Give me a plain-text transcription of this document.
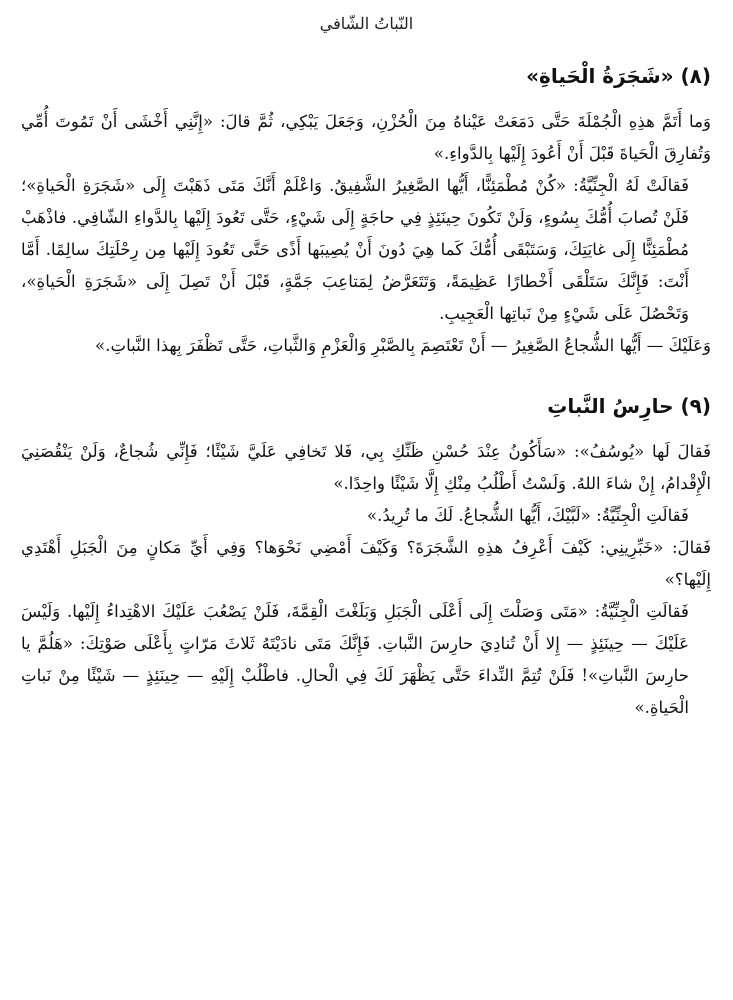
النّباتُ الشّافي
(٨) «شَجَرَةُ الْحَياةِ»

وَما أَتَمَّ هذِهِ الْجُمْلَةَ حَتَّى دَمَعَتْ عَيْناهُ مِنَ الْحُزْنِ، وَجَعَلَ يَبْكِي، ثُمَّ قالَ: «إِنَّنِي أَخْشَى أَنْ تَمُوتَ أُمِّي وَتُفارِقَ الْحَياةَ قَبْلَ أَنْ أَعُودَ إِلَيْها بِالدَّواءِ.»

فَقالَتْ لَهُ الْجِنِّيَّةُ: «كُنْ مُطْمَئِنًّا، أَيُّها الصَّغِيرُ الشَّفِيقُ. وَاعْلَمْ أَنَّكَ مَتَى ذَهَبْتَ إِلَى «شَجَرَةِ الْحَياةِ»؛ فَلَنْ تُصابَ أُمُّكَ بِسُوءٍ، وَلَنْ تَكُونَ حِينَئِذٍ فِي حاجَةٍ إِلَى شَيْءٍ، حَتَّى تَعُودَ إِلَيْها بِالدَّواءِ الشّافِي. فاذْهَبْ مُطْمَئِنًّا إِلَى غايَتِكَ، وَسَتَبْقَى أُمُّكَ كَما هِيَ دُونَ أَنْ يُصِيبَها أَذًى حَتَّى تَعُودَ إِلَيْها مِن رِحْلَتِكَ سالِمًا. أَمَّا أَنْتَ: فَإِنَّكَ سَتَلْقَى أَخْطارًا عَظِيمَةً، وَتَتَعَرَّضُ لِمَتاعِبَ جَمَّةٍ، قَبْلَ أَنْ تَصِلَ إِلَى «شَجَرَةِ الْحَياةِ»، وَتَحْصُلَ عَلَى شَيْءٍ مِنْ نَباتِها الْعَجِيبِ.

وَعَلَيْكَ — أَيُّها الشُّجاعُ الصَّغِيرُ — أَنْ تَعْتَصِمَ بِالصَّبْرِ وَالْعَزْمِ وَالثَّباتِ، حَتَّى تَظْفَرَ بِهذا النَّباتِ.»

(٩) حارِسُ النَّباتِ

فَقالَ لَها «يُوسُفُ»: «سَأَكُونُ عِنْدَ حُسْنِ ظَنِّكِ بِي، فَلا تَخافِي عَلَيَّ شَيْئًا؛ فَإِنِّي شُجاعٌ، وَلَنْ يَنْقُصَنِيَ الْإِقْدامُ، إِنْ شاءَ اللهُ. وَلَسْتُ أَطْلُبُ مِنْكِ إِلَّا شَيْئًا واحِدًا.»

فَقالَتِ الْجِنِّيَّةُ: «لَبَّيْكَ، أَيُّها الشُّجاعُ. لَكَ ما تُرِيدُ.»

فَقالَ: «خَبِّرِينِي: كَيْفَ أَعْرِفُ هذِهِ الشَّجَرَةَ؟ وَكَيْفَ أَمْضِي نَحْوَها؟ وَفِي أَيِّ مَكانٍ مِنَ الْجَبَلِ أَهْتَدِي إِلَيْها؟»

فَقالَتِ الْجِنِّيَّةُ: «مَتَى وَصَلْتَ إِلَى أَعْلَى الْجَبَلِ وَبَلَغْتَ الْقِمَّةَ، فَلَنْ يَصْعُبَ عَلَيْكَ الاهْتِداءُ إِلَيْها. وَلَيْسَ عَلَيْكَ — حِينَئِذٍ — إِلا أَنْ تُنادِيَ حارِسَ النَّباتِ. فَإِنَّكَ مَتَى نادَيْتَهُ ثَلاثَ مَرّاتٍ بِأَعْلَى صَوْتِكَ: «هَلُمَّ يا حارِسَ النَّباتِ»! فَلَنْ تُتِمَّ النِّداءَ حَتَّى يَظْهَرَ لَكَ فِي الْحالِ. فاطْلُبْ إِلَيْهِ — حِينَئِذٍ — شَيْئًا مِنْ نَباتِ الْحَياةِ.»
